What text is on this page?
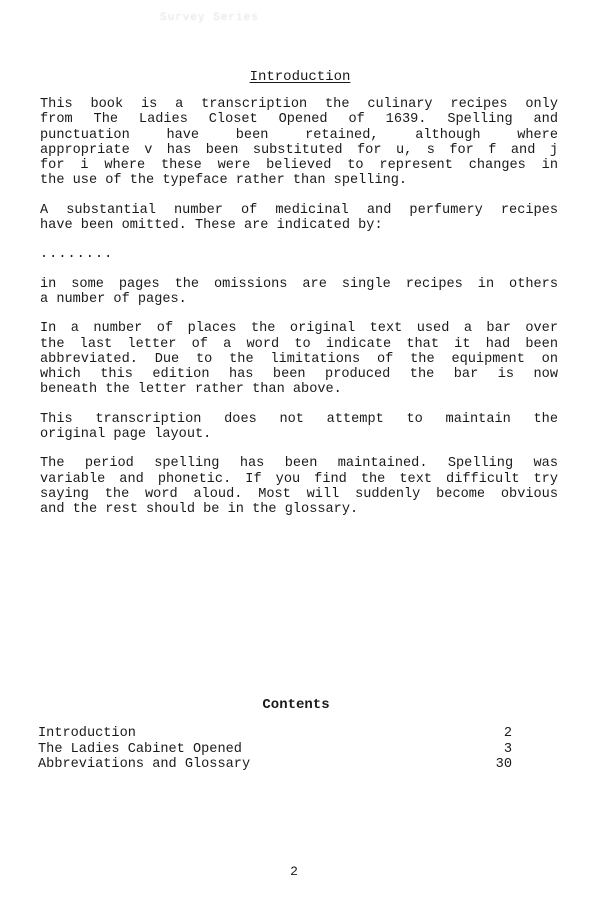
Survey Series
Introduction
This book is a transcription the culinary recipes only
from The Ladies Closet Opened of 1639. Spelling and
punctuation have been retained, although where
appropriate v has been substituted for u, s for f and j
for i where these were believed to represent changes in
the use of the typeface rather than spelling.
A substantial number of medicinal and perfumery recipes
have been omitted. These are indicated by:
........
in some pages the omissions are single recipes in others
a number of pages.
In a number of places the original text used a bar over
the last letter of a word to indicate that it had been
abbreviated. Due to the limitations of the equipment on
which this edition has been produced the bar is now
beneath the letter rather than above.
This transcription does not attempt to maintain the
original page layout.
The period spelling has been maintained. Spelling was
variable and phonetic. If you find the text difficult try
saying the word aloud. Most will suddenly become obvious
and the rest should be in the glossary.
Contents
Introduction	2
The Ladies Cabinet Opened	3
Abbreviations and Glossary	30
2
